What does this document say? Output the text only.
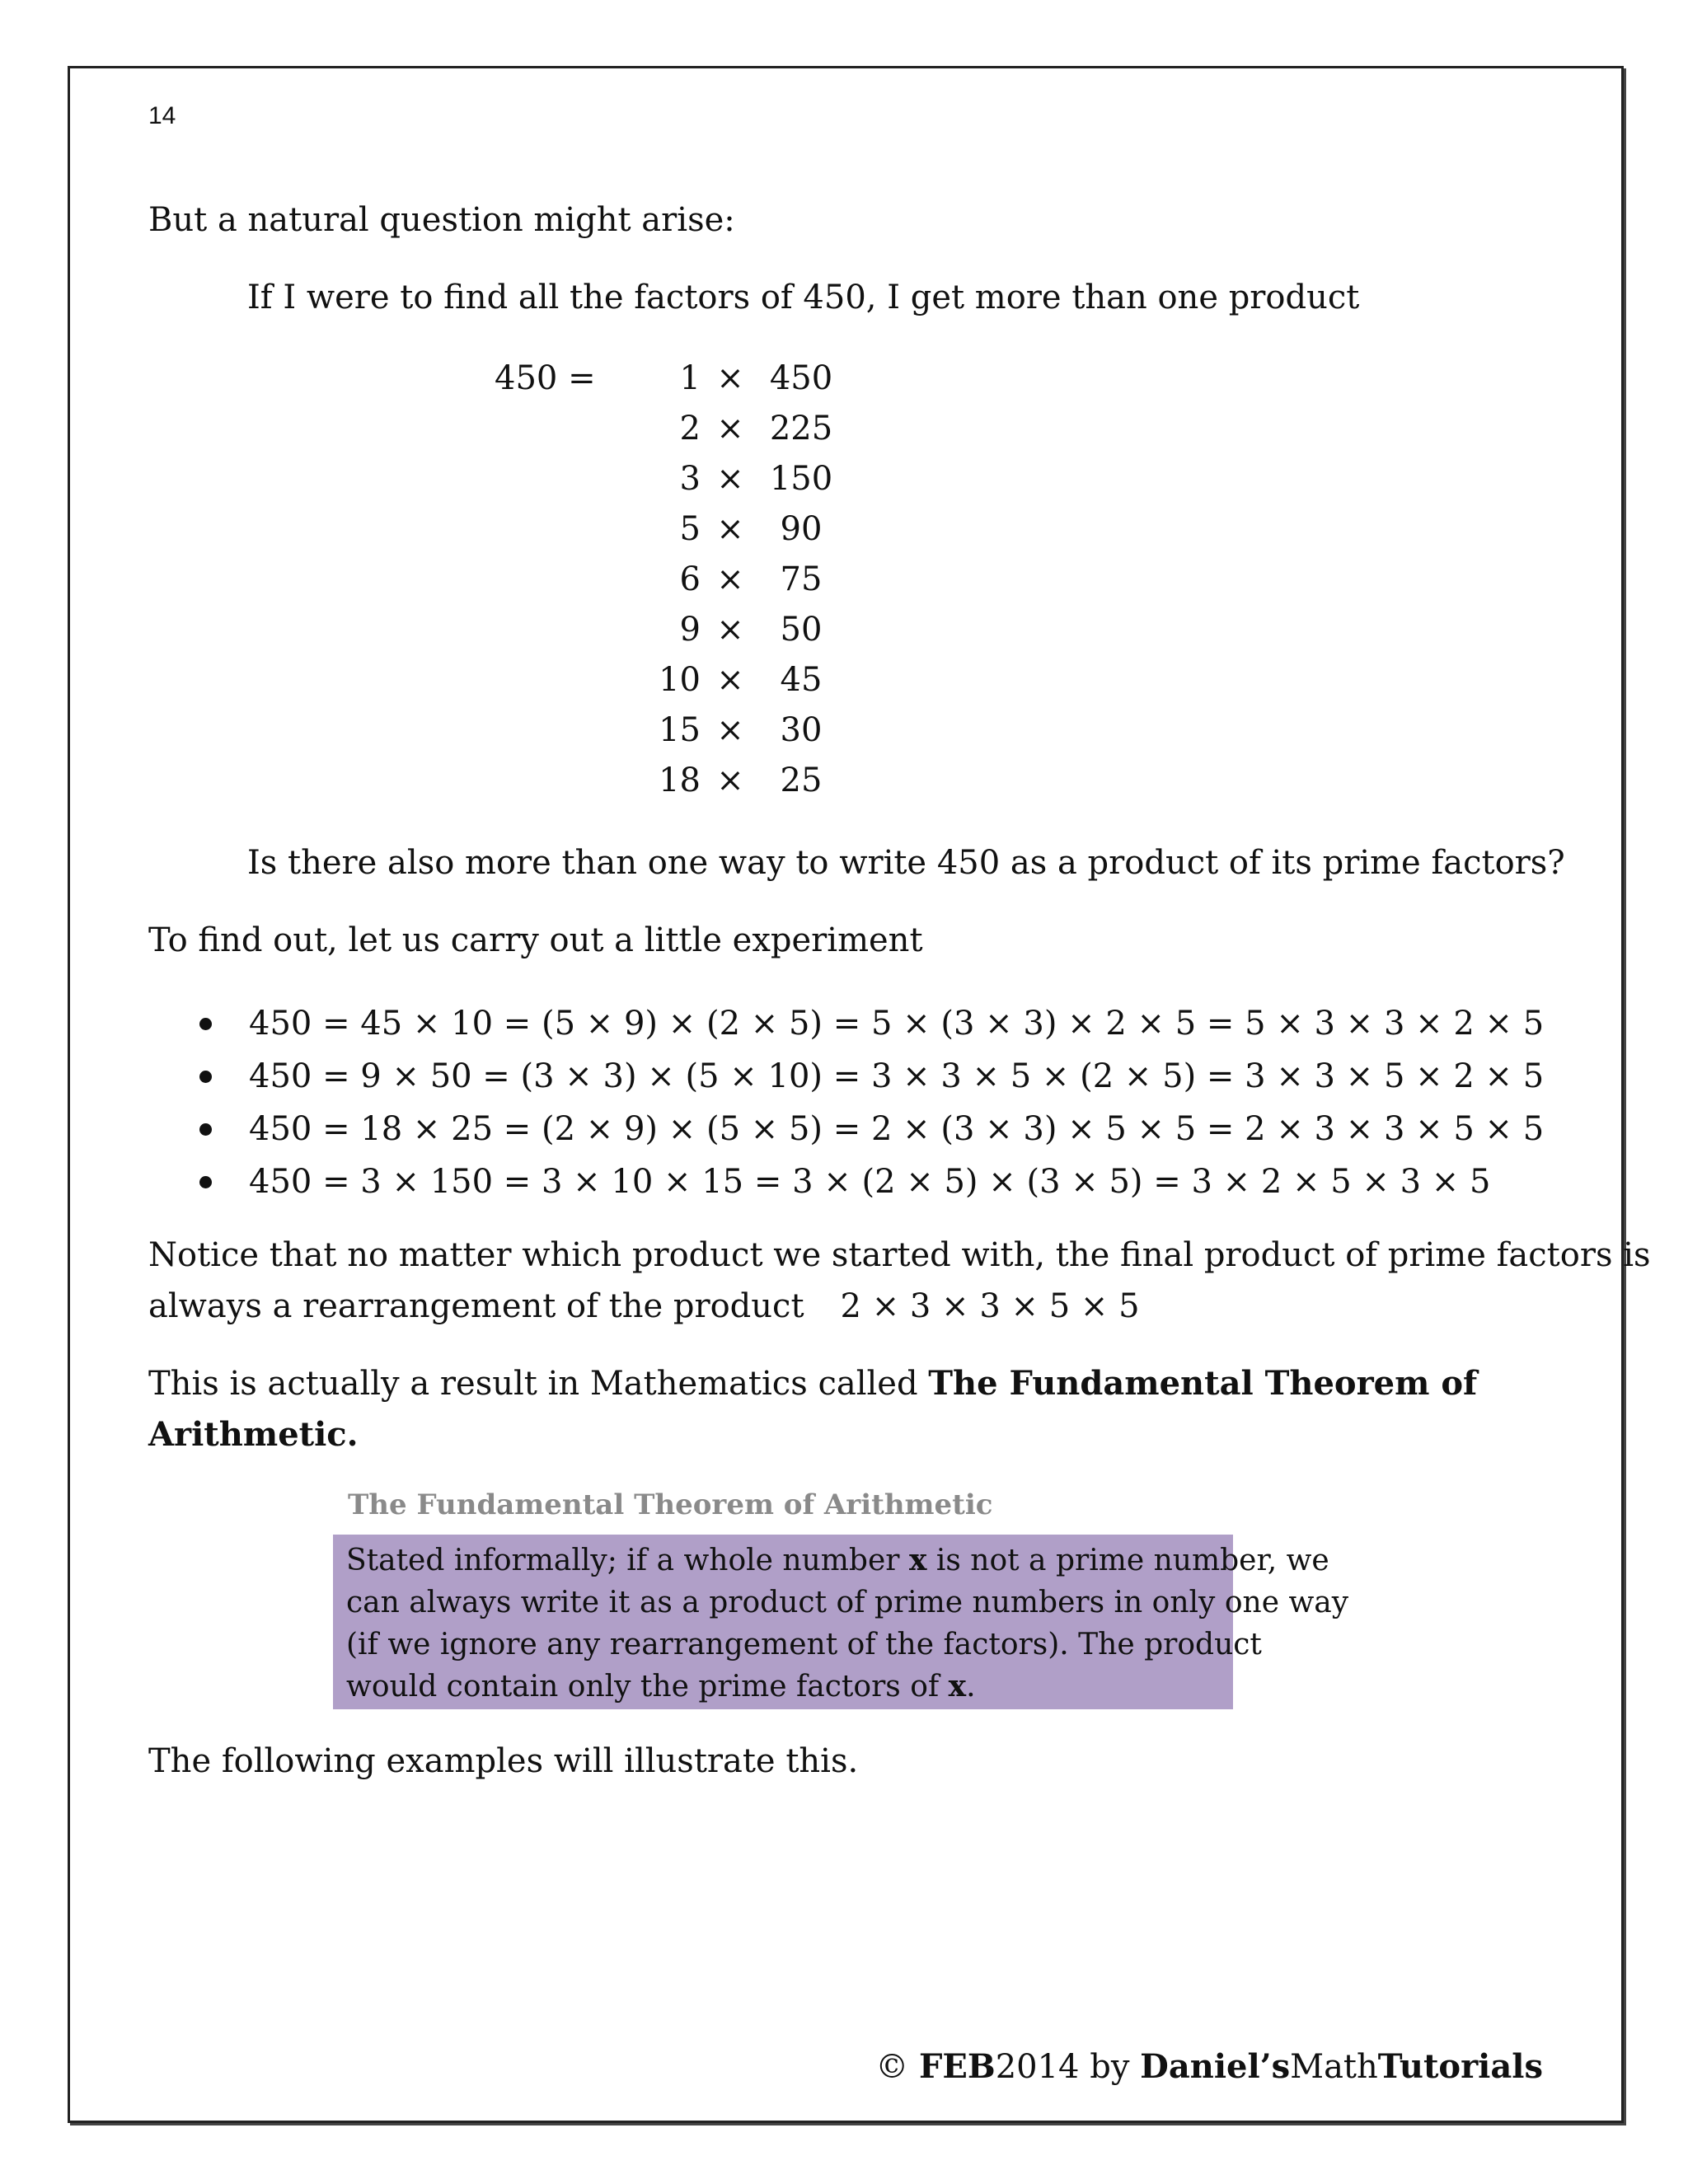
14
But a natural question might arise:
If I were to find all the factors of 450, I get more than one product
450 =	1	×	450
	2	×	225
	3	×	150
	5	×	90
	6	×	75
	9	×	50
	10	×	45
	15	×	30
	18	×	25
Is there also more than one way to write 450 as a product of its prime factors?
To find out, let us carry out a little experiment
450 = 45 × 10 = (5 × 9) × (2 × 5) = 5 × (3 × 3) × 2 × 5 = 5 × 3 × 3 × 2 × 5
450 = 9 × 50 = (3 × 3) × (5 × 10) = 3 × 3 × 5 × (2 × 5) = 3 × 3 × 5 × 2 × 5
450 = 18 × 25 = (2 × 9) × (5 × 5) = 2 × (3 × 3) × 5 × 5 = 2 × 3 × 3 × 5 × 5
450 = 3 × 150 = 3 × 10 × 15 = 3 × (2 × 5) × (3 × 5) = 3 × 2 × 5 × 3 × 5
Notice that no matter which product we started with, the final product of prime factors is
always a rearrangement of the product 2 × 3 × 3 × 5 × 5
This is actually a result in Mathematics called The Fundamental Theorem of
Arithmetic.
The Fundamental Theorem of Arithmetic
Stated informally; if a whole number x is not a prime number, we
can always write it as a product of prime numbers in only one way
(if we ignore any rearrangement of the factors). The product
would contain only the prime factors of x.
The following examples will illustrate this.
© FEB2014 by Daniel’sMathTutorials
